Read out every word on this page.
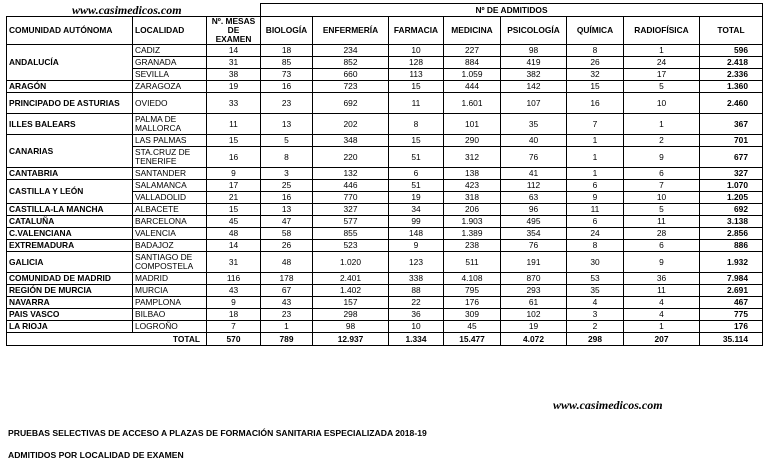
www.casimedicos.com
			Nº DE ADMITIDOS							
COMUNIDAD AUTÓNOMA	LOCALIDAD	Nº. MESAS DE EXAMEN	BIOLOGÍA	ENFERMERÍA	FARMACIA	MEDICINA	PSICOLOGÍA	QUÍMICA	RADIOFÍSICA	TOTAL
ANDALUCÍA	CADIZ	14	18	234	10	227	98	8	1	596
	GRANADA	31	85	852	128	884	419	26	24	2.418
	SEVILLA	38	73	660	113	1.059	382	32	17	2.336
ARAGÓN	ZARAGOZA	19	16	723	15	444	142	15	5	1.360
PRINCIPADO DE ASTURIAS	OVIEDO	33	23	692	11	1.601	107	16	10	2.460
ILLES BALEARS	PALMA DE MALLORCA	11	13	202	8	101	35	7	1	367
CANARIAS	LAS PALMAS	15	5	348	15	290	40	1	2	701
	STA.CRUZ DE TENERIFE	16	8	220	51	312	76	1	9	677
CANTABRIA	SANTANDER	9	3	132	6	138	41	1	6	327
CASTILLA Y LEÓN	SALAMANCA	17	25	446	51	423	112	6	7	1.070
	VALLADOLID	21	16	770	19	318	63	9	10	1.205
CASTILLA-LA MANCHA	ALBACETE	15	13	327	34	206	96	11	5	692
CATALUÑA	BARCELONA	45	47	577	99	1.903	495	6	11	3.138
C.VALENCIANA	VALENCIA	48	58	855	148	1.389	354	24	28	2.856
EXTREMADURA	BADAJOZ	14	26	523	9	238	76	8	6	886
GALICIA	SANTIAGO DE COMPOSTELA	31	48	1.020	123	511	191	30	9	1.932
COMUNIDAD DE MADRID	MADRID	116	178	2.401	338	4.108	870	53	36	7.984
REGIÓN DE MURCIA	MURCIA	43	67	1.402	88	795	293	35	11	2.691
NAVARRA	PAMPLONA	9	43	157	22	176	61	4	4	467
PAIS VASCO	BILBAO	18	23	298	36	309	102	3	4	775
LA RIOJA	LOGROÑO	7	1	98	10	45	19	2	1	176
TOTAL		570	789	12.937	1.334	15.477	4.072	298	207	35.114
www.casimedicos.com
PRUEBAS SELECTIVAS DE ACCESO A PLAZAS DE FORMACIÓN SANITARIA ESPECIALIZADA 2018-19
ADMITIDOS POR LOCALIDAD DE EXAMEN
